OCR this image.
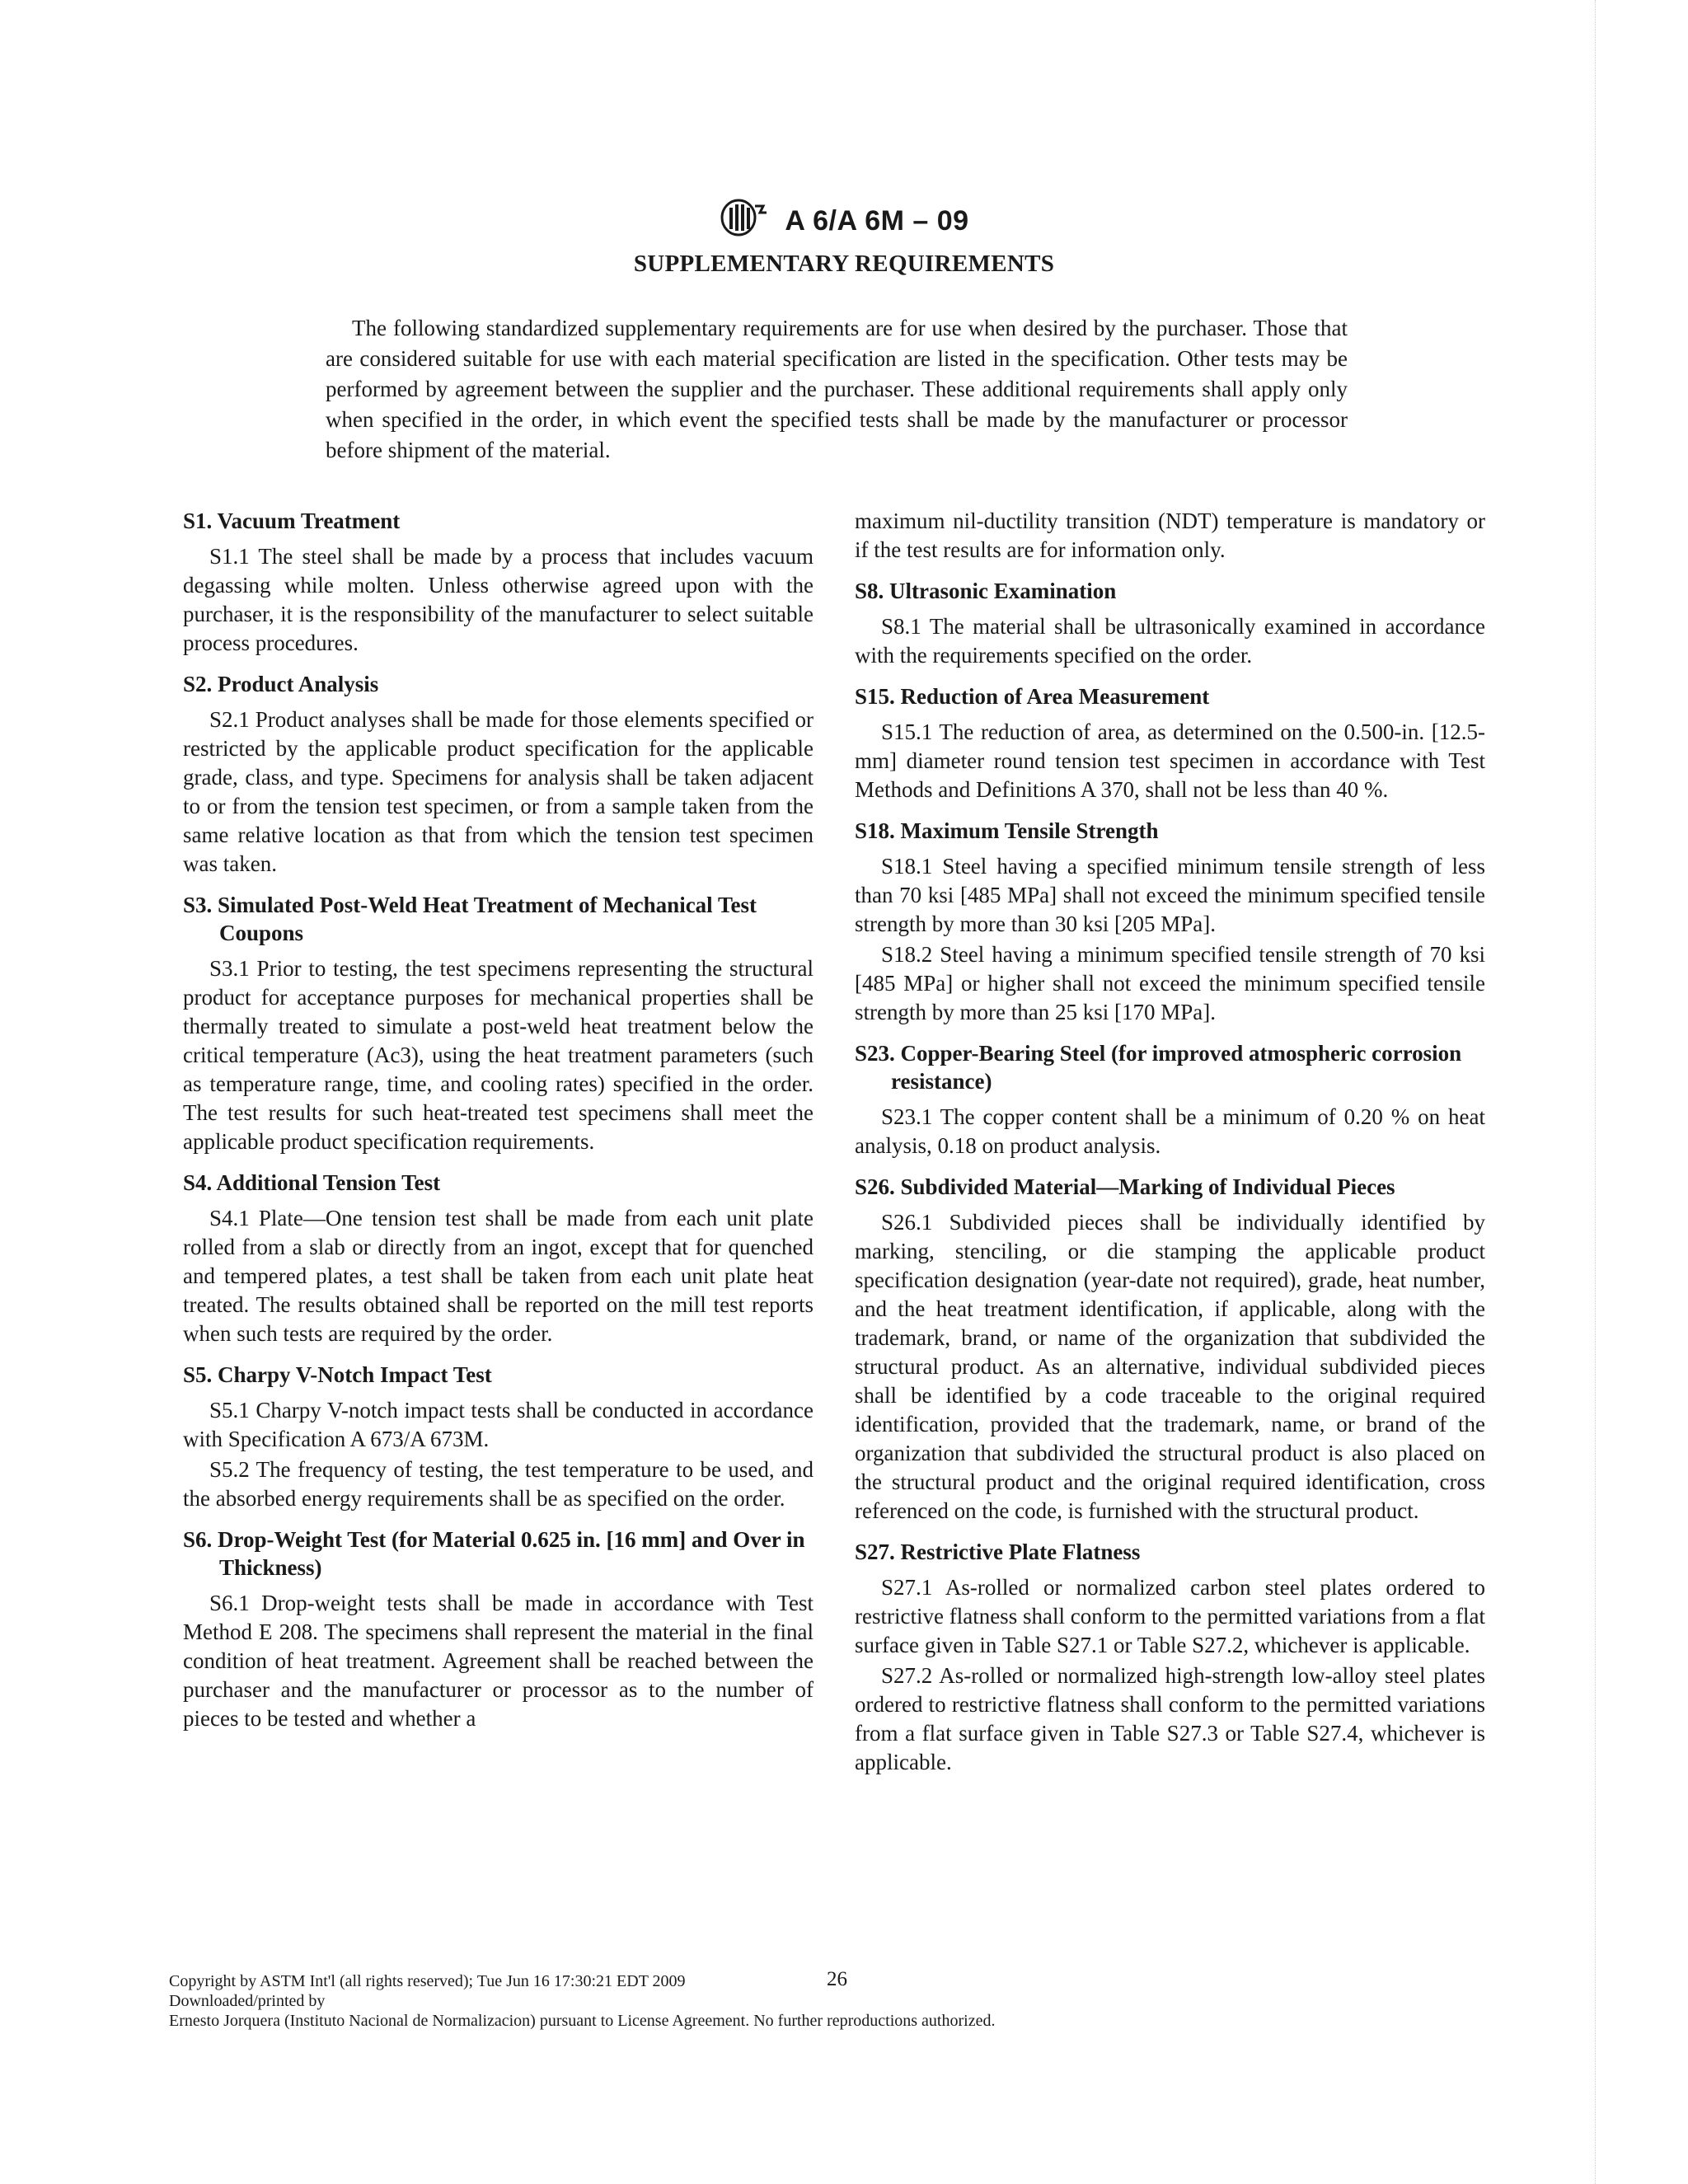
A 6/A 6M – 09
SUPPLEMENTARY REQUIREMENTS

The following standardized supplementary requirements are for use when desired by the purchaser. Those that are considered suitable for use with each material specification are listed in the specification. Other tests may be performed by agreement between the supplier and the purchaser. These additional requirements shall apply only when specified in the order, in which event the specified tests shall be made by the manufacturer or processor before shipment of the material.

S1. Vacuum Treatment

S1.1 The steel shall be made by a process that includes vacuum degassing while molten. Unless otherwise agreed upon with the purchaser, it is the responsibility of the manufacturer to select suitable process procedures.

S2. Product Analysis

S2.1 Product analyses shall be made for those elements specified or restricted by the applicable product specification for the applicable grade, class, and type. Specimens for analysis shall be taken adjacent to or from the tension test specimen, or from a sample taken from the same relative location as that from which the tension test specimen was taken.

S3. Simulated Post-Weld Heat Treatment of Mechanical Test Coupons

S3.1 Prior to testing, the test specimens representing the structural product for acceptance purposes for mechanical properties shall be thermally treated to simulate a post-weld heat treatment below the critical temperature (Ac3), using the heat treatment parameters (such as temperature range, time, and cooling rates) specified in the order. The test results for such heat-treated test specimens shall meet the applicable product specification requirements.

S4. Additional Tension Test

S4.1 Plate—One tension test shall be made from each unit plate rolled from a slab or directly from an ingot, except that for quenched and tempered plates, a test shall be taken from each unit plate heat treated. The results obtained shall be reported on the mill test reports when such tests are required by the order.

S5. Charpy V-Notch Impact Test

S5.1 Charpy V-notch impact tests shall be conducted in accordance with Specification A 673/A 673M.

S5.2 The frequency of testing, the test temperature to be used, and the absorbed energy requirements shall be as specified on the order.

S6. Drop-Weight Test (for Material 0.625 in. [16 mm] and Over in Thickness)

S6.1 Drop-weight tests shall be made in accordance with Test Method E 208. The specimens shall represent the material in the final condition of heat treatment. Agreement shall be reached between the purchaser and the manufacturer or processor as to the number of pieces to be tested and whether a

maximum nil-ductility transition (NDT) temperature is mandatory or if the test results are for information only.

S8. Ultrasonic Examination

S8.1 The material shall be ultrasonically examined in accordance with the requirements specified on the order.

S15. Reduction of Area Measurement

S15.1 The reduction of area, as determined on the 0.500-in. [12.5-mm] diameter round tension test specimen in accordance with Test Methods and Definitions A 370, shall not be less than 40 %.

S18. Maximum Tensile Strength

S18.1 Steel having a specified minimum tensile strength of less than 70 ksi [485 MPa] shall not exceed the minimum specified tensile strength by more than 30 ksi [205 MPa].

S18.2 Steel having a minimum specified tensile strength of 70 ksi [485 MPa] or higher shall not exceed the minimum specified tensile strength by more than 25 ksi [170 MPa].

S23. Copper-Bearing Steel (for improved atmospheric corrosion resistance)

S23.1 The copper content shall be a minimum of 0.20 % on heat analysis, 0.18 on product analysis.

S26. Subdivided Material—Marking of Individual Pieces

S26.1 Subdivided pieces shall be individually identified by marking, stenciling, or die stamping the applicable product specification designation (year-date not required), grade, heat number, and the heat treatment identification, if applicable, along with the trademark, brand, or name of the organization that subdivided the structural product. As an alternative, individual subdivided pieces shall be identified by a code traceable to the original required identification, provided that the trademark, name, or brand of the organization that subdivided the structural product is also placed on the structural product and the original required identification, cross referenced on the code, is furnished with the structural product.

S27. Restrictive Plate Flatness

S27.1 As-rolled or normalized carbon steel plates ordered to restrictive flatness shall conform to the permitted variations from a flat surface given in Table S27.1 or Table S27.2, whichever is applicable.

S27.2 As-rolled or normalized high-strength low-alloy steel plates ordered to restrictive flatness shall conform to the permitted variations from a flat surface given in Table S27.3 or Table S27.4, whichever is applicable.

26
Copyright by ASTM Int'l (all rights reserved); Tue Jun 16 17:30:21 EDT 2009
Downloaded/printed by
Ernesto Jorquera (Instituto Nacional de Normalizacion) pursuant to License Agreement. No further reproductions authorized.
